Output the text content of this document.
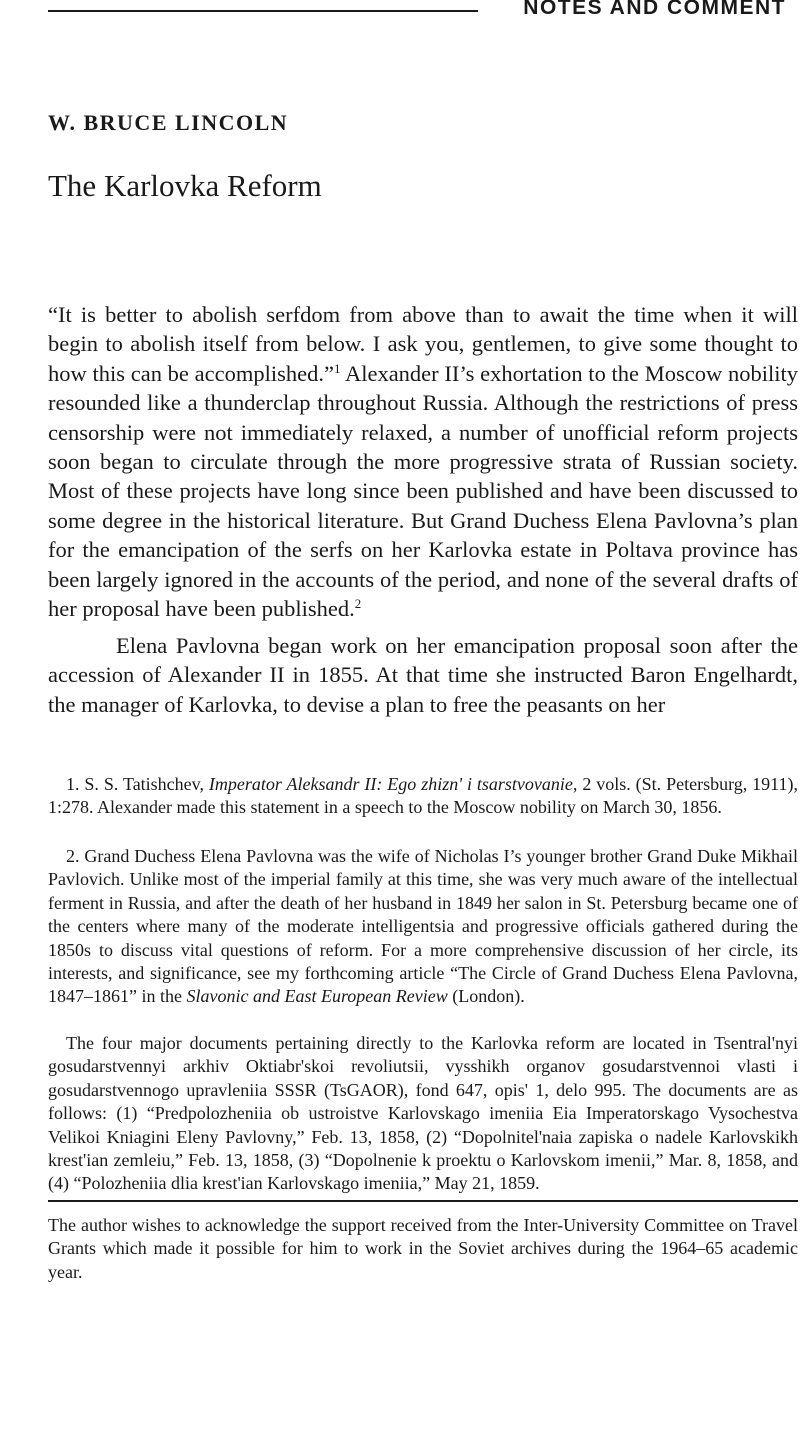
NOTES AND COMMENT
W. BRUCE LINCOLN
The Karlovka Reform

“It is better to abolish serfdom from above than to await the time when it will begin to abolish itself from below. I ask you, gentlemen, to give some thought to how this can be accomplished.”$^1$ Alexander II’s exhortation to the Moscow nobility resounded like a thunderclap throughout Russia. Although the restrictions of press censorship were not immediately relaxed, a number of unofficial reform projects soon began to circulate through the more progressive strata of Russian society. Most of these projects have long since been published and have been discussed to some degree in the historical literature. But Grand Duchess Elena Pavlovna’s plan for the emancipation of the serfs on her Karlovka estate in Poltava province has been largely ignored in the accounts of the period, and none of the several drafts of her proposal have been published.$^2$

Elena Pavlovna began work on her emancipation proposal soon after the accession of Alexander II in 1855. At that time she instructed Baron Engelhardt, the manager of Karlovka, to devise a plan to free the peasants on her

1. S. S. Tatishchev, Imperator Aleksandr II: Ego zhizn' i tsarstvovanie, 2 vols. (St. Petersburg, 1911), 1:278. Alexander made this statement in a speech to the Moscow nobility on March 30, 1856.

2. Grand Duchess Elena Pavlovna was the wife of Nicholas I’s younger brother Grand Duke Mikhail Pavlovich. Unlike most of the imperial family at this time, she was very much aware of the intellectual ferment in Russia, and after the death of her husband in 1849 her salon in St. Petersburg became one of the centers where many of the moderate intelligentsia and progressive officials gathered during the 1850s to discuss vital questions of reform. For a more comprehensive discussion of her circle, its interests, and significance, see my forthcoming article “The Circle of Grand Duchess Elena Pavlovna, 1847–1861” in the Slavonic and East European Review (London).

The four major documents pertaining directly to the Karlovka reform are located in Tsentral'nyi gosudarstvennyi arkhiv Oktiabr'skoi revoliutsii, vysshikh organov gosudarstvennoi vlasti i gosudarstvennogo upravleniia SSSR (TsGAOR), fond 647, opis' 1, delo 995. The documents are as follows: (1) “Predpolozheniia ob ustroistve Karlovskago imeniia Eia Imperatorskago Vysochestva Velikoi Kniagini Eleny Pavlovny,” Feb. 13, 1858, (2) “Dopolnitel'naia zapiska o nadele Karlovskikh krest'ian zemleiu,” Feb. 13, 1858, (3) “Dopolnenie k proektu o Karlovskom imenii,” Mar. 8, 1858, and (4) “Polozheniia dlia krest'ian Karlovskago imeniia,” May 21, 1859.

The author wishes to acknowledge the support received from the Inter-University Committee on Travel Grants which made it possible for him to work in the Soviet archives during the 1964–65 academic year.
